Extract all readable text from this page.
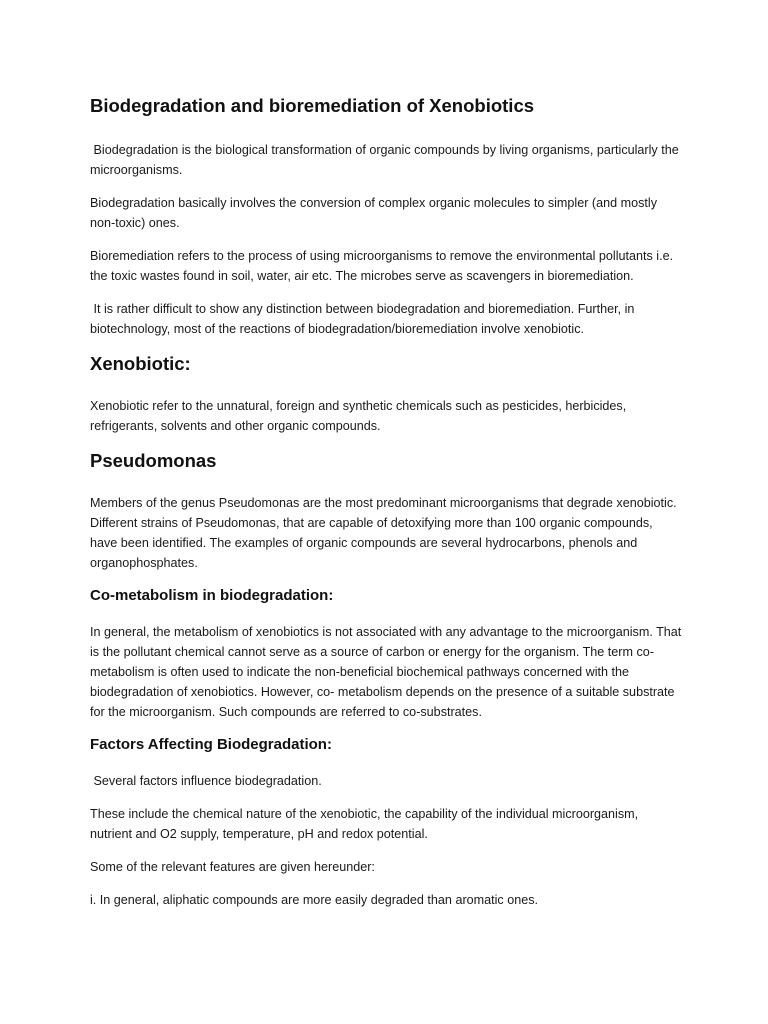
Biodegradation and bioremediation of Xenobiotics

Biodegradation is the biological transformation of organic compounds by living organisms, particularly the microorganisms.

Biodegradation basically involves the conversion of complex organic molecules to simpler (and mostly non-toxic) ones.

Bioremediation refers to the process of using microorganisms to remove the environmental pollutants i.e. the toxic wastes found in soil, water, air etc. The microbes serve as scavengers in bioremediation.

It is rather difficult to show any distinction between biodegradation and bioremediation. Further, in biotechnology, most of the reactions of biodegradation/bioremediation involve xenobiotic.

Xenobiotic:

Xenobiotic refer to the unnatural, foreign and synthetic chemicals such as pesticides, herbicides, refrigerants, solvents and other organic compounds.

Pseudomonas

Members of the genus Pseudomonas are the most predominant microorganisms that degrade xenobiotic. Different strains of Pseudomonas, that are capable of detoxifying more than 100 organic compounds, have been identified. The examples of organic compounds are several hydrocarbons, phenols and organophosphates.

Co-metabolism in biodegradation:

In general, the metabolism of xenobiotics is not associated with any advantage to the microorganism. That is the pollutant chemical cannot serve as a source of carbon or energy for the organism. The term co-metabolism is often used to indicate the non-beneficial biochemical pathways concerned with the biodegradation of xenobiotics. However, co- metabolism depends on the presence of a suitable substrate for the microorganism. Such compounds are referred to co-substrates.

Factors Affecting Biodegradation:

Several factors influence biodegradation.

These include the chemical nature of the xenobiotic, the capability of the individual microorganism, nutrient and O2 supply, temperature, pH and redox potential.

Some of the relevant features are given hereunder:

i. In general, aliphatic compounds are more easily degraded than aromatic ones.
